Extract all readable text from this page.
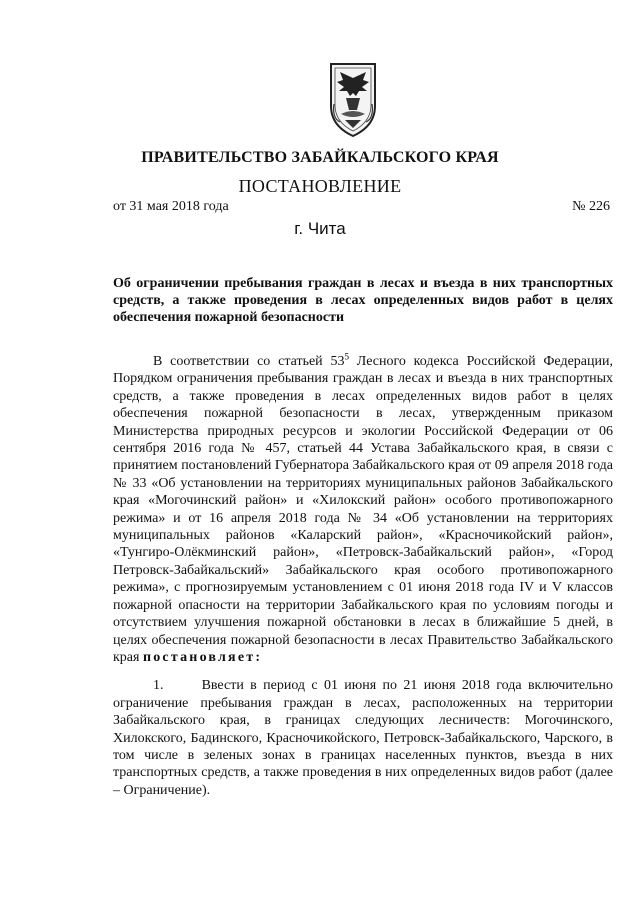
ПРАВИТЕЛЬСТВО ЗАБАЙКАЛЬСКОГО КРАЯ
ПОСТАНОВЛЕНИЕ
от 31 мая 2018 года	№ 226
г. Чита
Об ограничении пребывания граждан в лесах и въезда в них транспортных средств, а также проведения в лесах определенных видов работ в целях обеспечения пожарной безопасности

В соответствии со статьей $53^5$ Лесного кодекса Российской Федерации, Порядком ограничения пребывания граждан в лесах и въезда в них транспортных средств, а также проведения в лесах определенных видов работ в целях обеспечения пожарной безопасности в лесах, утвержденным приказом Министерства природных ресурсов и экологии Российской Федерации от 06 сентября 2016 года № 457, статьей 44 Устава Забайкальского края, в связи с принятием постановлений Губернатора Забайкальского края от 09 апреля 2018 года № 33 «Об установлении на территориях муниципальных районов Забайкальского края «Могочинский район» и «Хилокский район» особого противопожарного режима» и от 16 апреля 2018 года № 34 «Об установлении на территориях муниципальных районов «Каларский район», «Красночикойский район», «Тунгиро-Олёкминский район», «Петровск-Забайкальский район», «Город Петровск-Забайкальский» Забайкальского края особого противопожарного режима», с прогнозируемым установлением с 01 июня 2018 года IV и V классов пожарной опасности на территории Забайкальского края по условиям погоды и отсутствием улучшения пожарной обстановки в лесах в ближайшие 5 дней, в целях обеспечения пожарной безопасности в лесах Правительство Забайкальского края постановляет:

1.      Ввести в период с 01 июня по 21 июня 2018 года включительно ограничение пребывания граждан в лесах, расположенных на территории Забайкальского края, в границах следующих лесничеств: Могочинского, Хилокского, Бадинского, Красночикойского, Петровск-Забайкальского, Чарского, в том числе в зеленых зонах в границах населенных пунктов, въезда в них транспортных средств, а также проведения в них определенных видов работ (далее – Ограничение).
